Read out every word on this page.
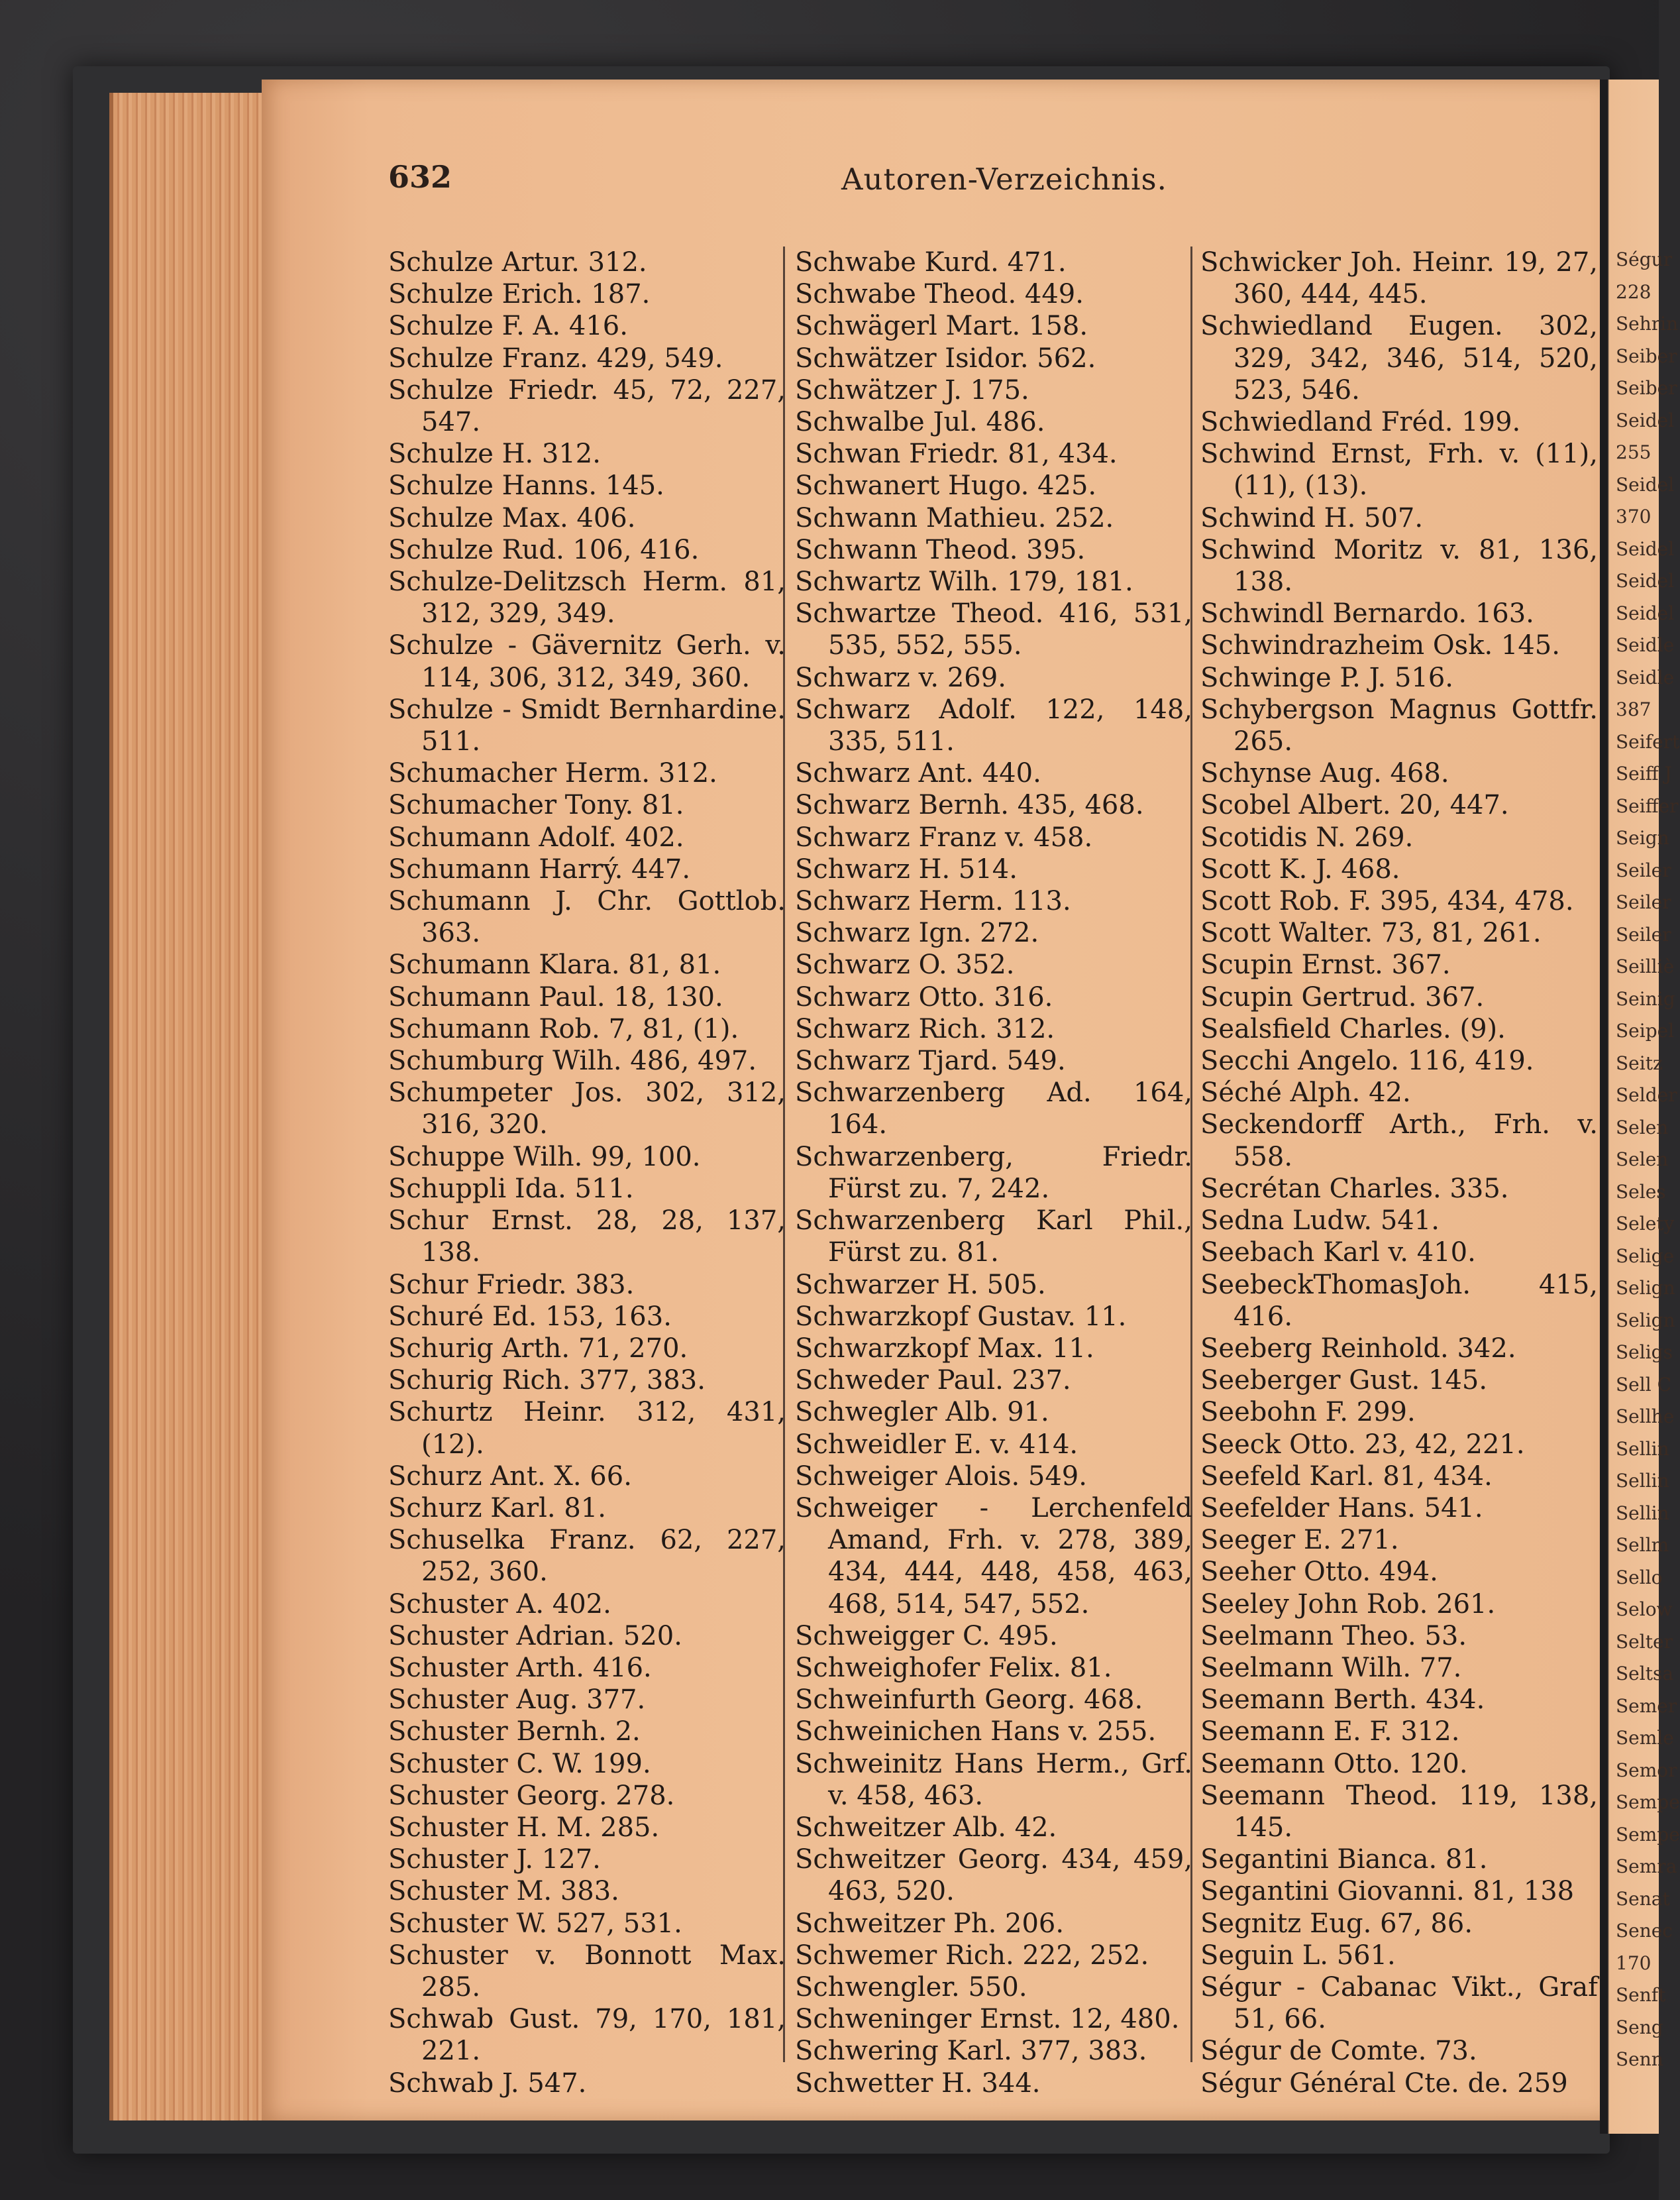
632	Autoren-Verzeichnis.
Schulze Artur. 312.
Schulze Erich. 187.
Schulze F. A. 416.
Schulze Franz. 429, 549.
Schulze Friedr. 45, 72, 227, 547.
Schulze H. 312.
Schulze Hanns. 145.
Schulze Max. 406.
Schulze Rud. 106, 416.
Schulze-Delitzsch Herm. 81, 312, 329, 349.
Schulze - Gävernitz Gerh. v. 114, 306, 312, 349, 360.
Schulze - Smidt Bernhardine. 511.
Schumacher Herm. 312.
Schumacher Tony. 81.
Schumann Adolf. 402.
Schumann Harrý. 447.
Schumann J. Chr. Gottlob. 363.
Schumann Klara. 81, 81.
Schumann Paul. 18, 130.
Schumann Rob. 7, 81, (1).
Schumburg Wilh. 486, 497.
Schumpeter Jos. 302, 312, 316, 320.
Schuppe Wilh. 99, 100.
Schuppli Ida. 511.
Schur Ernst. 28, 28, 137, 138.
Schur Friedr. 383.
Schuré Ed. 153, 163.
Schurig Arth. 71, 270.
Schurig Rich. 377, 383.
Schurtz Heinr. 312, 431, (12).
Schurz Ant. X. 66.
Schurz Karl. 81.
Schuselka Franz. 62, 227, 252, 360.
Schuster A. 402.
Schuster Adrian. 520.
Schuster Arth. 416.
Schuster Aug. 377.
Schuster Bernh. 2.
Schuster C. W. 199.
Schuster Georg. 278.
Schuster H. M. 285.
Schuster J. 127.
Schuster M. 383.
Schuster W. 527, 531.
Schuster v. Bonnott Max. 285.
Schwab Gust. 79, 170, 181, 221.
Schwab J. 547.
Schwabe Kurd. 471.
Schwabe Theod. 449.
Schwägerl Mart. 158.
Schwätzer Isidor. 562.
Schwätzer J. 175.
Schwalbe Jul. 486.
Schwan Friedr. 81, 434.
Schwanert Hugo. 425.
Schwann Mathieu. 252.
Schwann Theod. 395.
Schwartz Wilh. 179, 181.
Schwartze Theod. 416, 531, 535, 552, 555.
Schwarz v. 269.
Schwarz Adolf. 122, 148, 335, 511.
Schwarz Ant. 440.
Schwarz Bernh. 435, 468.
Schwarz Franz v. 458.
Schwarz H. 514.
Schwarz Herm. 113.
Schwarz Ign. 272.
Schwarz O. 352.
Schwarz Otto. 316.
Schwarz Rich. 312.
Schwarz Tjard. 549.
Schwarzenberg Ad. 164, 164.
Schwarzenberg, Friedr. Fürst zu. 7, 242.
Schwarzenberg Karl Phil., Fürst zu. 81.
Schwarzer H. 505.
Schwarzkopf Gustav. 11.
Schwarzkopf Max. 11.
Schweder Paul. 237.
Schwegler Alb. 91.
Schweidler E. v. 414.
Schweiger Alois. 549.
Schweiger - Lerchenfeld Amand, Frh. v. 278, 389, 434, 444, 448, 458, 463, 468, 514, 547, 552.
Schweigger C. 495.
Schweighofer Felix. 81.
Schweinfurth Georg. 468.
Schweinichen Hans v. 255.
Schweinitz Hans Herm., Grf. v. 458, 463.
Schweitzer Alb. 42.
Schweitzer Georg. 434, 459, 463, 520.
Schweitzer Ph. 206.
Schwemer Rich. 222, 252.
Schwengler. 550.
Schweninger Ernst. 12, 480.
Schwering Karl. 377, 383.
Schwetter H. 344.
Schwicker Joh. Heinr. 19, 27, 360, 444, 445.
Schwiedland Eugen. 302, 329, 342, 346, 514, 520, 523, 546.
Schwiedland Fréd. 199.
Schwind Ernst, Frh. v. (11), (11), (13).
Schwind H. 507.
Schwind Moritz v. 81, 136, 138.
Schwindl Bernardo. 163.
Schwindrazheim Osk. 145.
Schwinge P. J. 516.
Schybergson Magnus Gottfr. 265.
Schynse Aug. 468.
Scobel Albert. 20, 447.
Scotidis N. 269.
Scott K. J. 468.
Scott Rob. F. 395, 434, 478.
Scott Walter. 73, 81, 261.
Scupin Ernst. 367.
Scupin Gertrud. 367.
Sealsfield Charles. (9).
Secchi Angelo. 116, 419.
Séché Alph. 42.
Seckendorff Arth., Frh. v. 558.
Secrétan Charles. 335.
Sedna Ludw. 541.
Seebach Karl v. 410.
SeebeckThomasJoh. 415, 416.
Seeberg Reinhold. 342.
Seeberger Gust. 145.
Seebohn F. 299.
Seeck Otto. 23, 42, 221.
Seefeld Karl. 81, 434.
Seefelder Hans. 541.
Seeger E. 271.
Seeher Otto. 494.
Seeley John Rob. 261.
Seelmann Theo. 53.
Seelmann Wilh. 77.
Seemann Berth. 434.
Seemann E. F. 312.
Seemann Otto. 120.
Seemann Theod. 119, 138, 145.
Segantini Bianca. 81.
Segantini Giovanni. 81, 138
Segnitz Eug. 67, 86.
Seguin L. 561.
Ségur - Cabanac Vikt., Graf 51, 66.
Ségur de Comte. 73.
Ségur Général Cte. de. 259
Ségur
228
Sehrin
Seiber
Seiber
Seidel
255
Seidel
370
Seidel
Seidel
Seidel
Seidle
Seidle
387
Seifert
Seiff J
Seiffer
Seign
Seiler
Seiler
Seiler
Seilliè
Seinig
Seipel
Seitz
Selder
Selen
Selen
Seles
Selety
Selige
Selign
Selign
Seligs
Sell C
Sellhe
Sellin
Sellin
Sellin
Sellm
Sello
Selow
Selter
Seltsa
Semer
Semle
Semor
Sempe
Sempe
Semra
Senat
Senec
170
Senft
Seng
Senn
